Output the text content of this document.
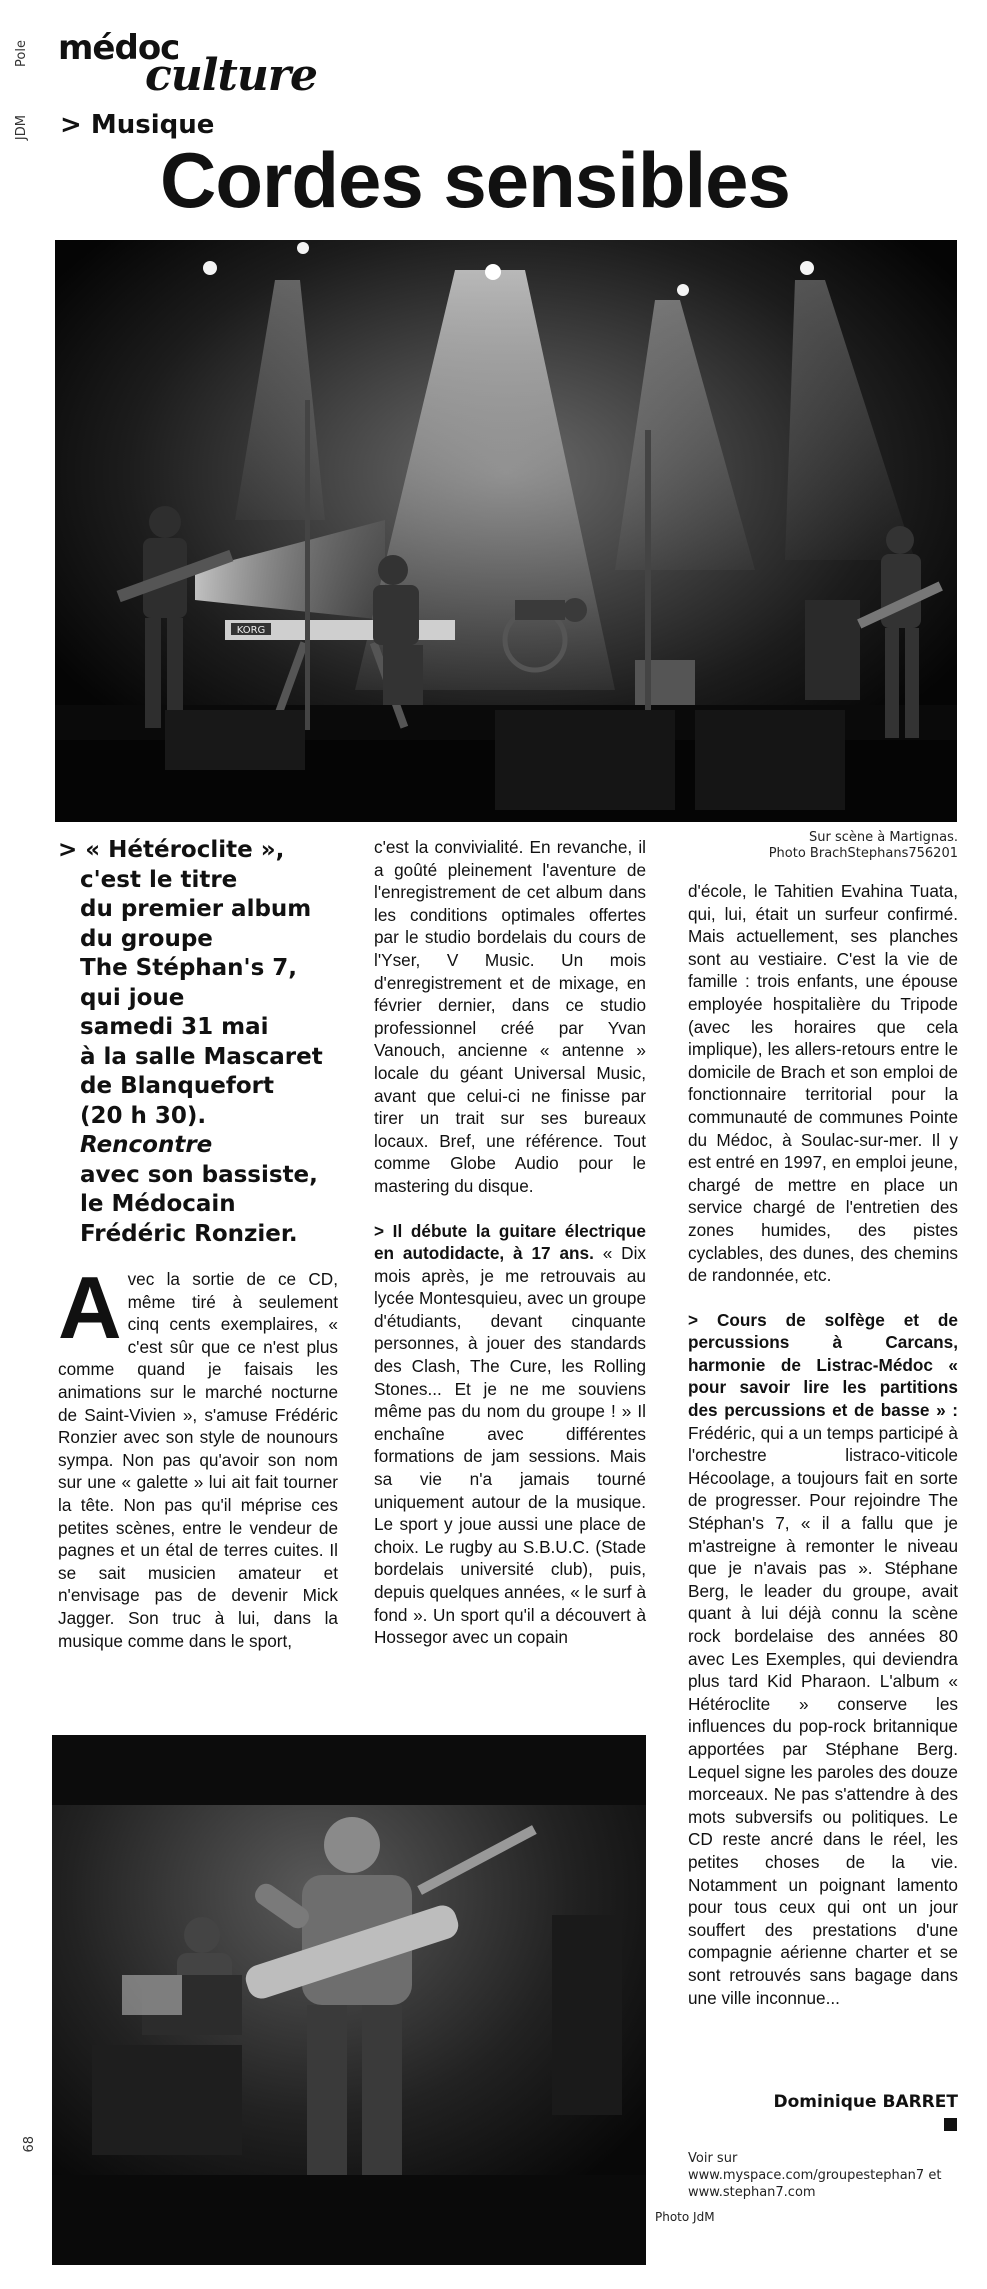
Pole
JDM
médoc
culture
> Musique
Cordes sensibles
KORG
Sur scène à Martignas.
Photo BrachStephans756201
> « Hétéroclite »,
c'est le titre
du premier album
du groupe
The Stéphan's 7,
qui joue
samedi 31 mai
à la salle Mascaret
de Blanquefort
(20 h 30).
Rencontre
avec son bassiste,
le Médocain
Frédéric Ronzier.

Avec la sortie de ce CD, même tiré à seulement cinq cents exemplaires, « c'est sûr que ce n'est plus comme quand je faisais les animations sur le marché nocturne de Saint-Vivien », s'amuse Frédéric Ronzier avec son style de nounours sympa. Non pas qu'avoir son nom sur une « galette » lui ait fait tourner la tête. Non pas qu'il méprise ces petites scènes, entre le vendeur de pagnes et un étal de terres cuites. Il se sait musicien amateur et n'envisage pas de devenir Mick Jagger. Son truc à lui, dans la musique comme dans le sport,

c'est la convivialité. En revanche, il a goûté pleinement l'aventure de l'enregistrement de cet album dans les conditions optimales offertes par le studio bordelais du cours de l'Yser, V Music. Un mois d'enregistrement et de mixage, en février dernier, dans ce studio professionnel créé par Yvan Vanouch, ancienne « antenne » locale du géant Universal Music, avant que celui-ci ne finisse par tirer un trait sur ses bureaux locaux. Bref, une référence. Tout comme Globe Audio pour le mastering du disque.

> Il débute la guitare électrique en autodidacte, à 17 ans. « Dix mois après, je me retrouvais au lycée Montesquieu, avec un groupe d'étudiants, devant cinquante personnes, à jouer des standards des Clash, The Cure, les Rolling Stones... Et je ne me souviens même pas du nom du groupe ! » Il enchaîne avec différentes formations de jam sessions. Mais sa vie n'a jamais tourné uniquement autour de la musique. Le sport y joue aussi une place de choix. Le rugby au S.B.U.C. (Stade bordelais université club), puis, depuis quelques années, « le surf à fond ». Un sport qu'il a découvert à Hossegor avec un copain

d'école, le Tahitien Evahina Tuata, qui, lui, était un surfeur confirmé. Mais actuellement, ses planches sont au vestiaire. C'est la vie de famille : trois enfants, une épouse employée hospitalière du Tripode (avec les horaires que cela implique), les allers-retours entre le domicile de Brach et son emploi de fonctionnaire territorial pour la communauté de communes Pointe du Médoc, à Soulac-sur-mer. Il y est entré en 1997, en emploi jeune, chargé de mettre en place un service chargé de l'entretien des zones humides, des pistes cyclables, des dunes, des chemins de randonnée, etc.

> Cours de solfège et de percussions à Carcans, harmonie de Listrac-Médoc « pour savoir lire les partitions des percussions et de basse » : Frédéric, qui a un temps participé à l'orchestre listraco-viticole Hécoolage, a toujours fait en sorte de progresser. Pour rejoindre The Stéphan's 7, « il a fallu que je m'astreigne à remonter le niveau que je n'avais pas ». Stéphane Berg, le leader du groupe, avait quant à lui déjà connu la scène rock bordelaise des années 80 avec Les Exemples, qui deviendra plus tard Kid Pharaon. L'album « Hétéroclite » conserve les influences du pop-rock britannique apportées par Stéphane Berg. Lequel signe les paroles des douze morceaux. Ne pas s'attendre à des mots subversifs ou politiques. Le CD reste ancré dans le réel, les petites choses de la vie. Notamment un poignant lamento pour tous ceux qui ont un jour souffert des prestations d'une compagnie aérienne charter et se sont retrouvés sans bagage dans une ville inconnue...

Dominique BARRET
Voir sur www.myspace.com/groupestephan7 et www.stephan7.com
Photo JdM
68
